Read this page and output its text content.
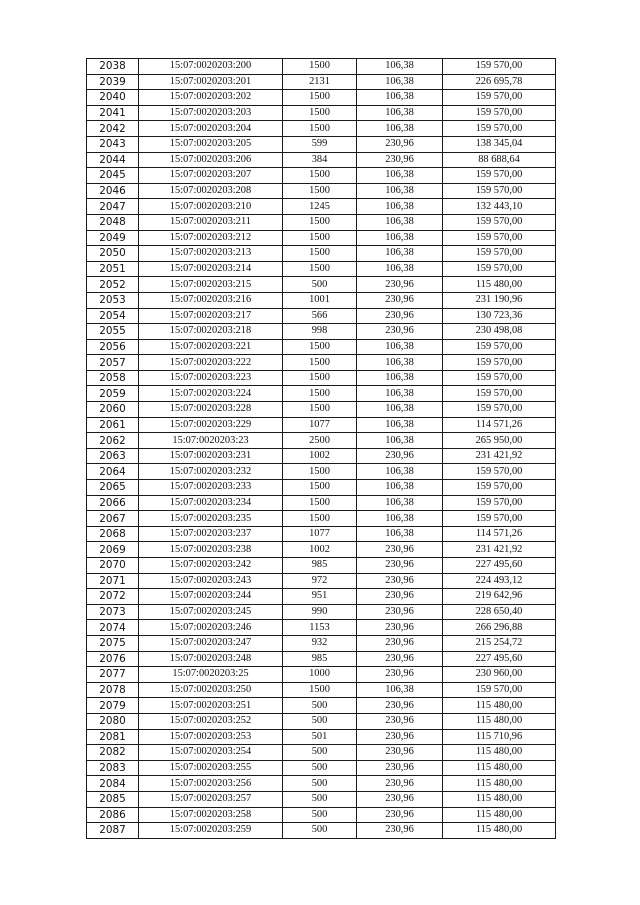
2038	15:07:0020203:200	1500	106,38	159 570,00
2039	15:07:0020203:201	2131	106,38	226 695,78
2040	15:07:0020203:202	1500	106,38	159 570,00
2041	15:07:0020203:203	1500	106,38	159 570,00
2042	15:07:0020203:204	1500	106,38	159 570,00
2043	15:07:0020203:205	599	230,96	138 345,04
2044	15:07:0020203:206	384	230,96	88 688,64
2045	15:07:0020203:207	1500	106,38	159 570,00
2046	15:07:0020203:208	1500	106,38	159 570,00
2047	15:07:0020203:210	1245	106,38	132 443,10
2048	15:07:0020203:211	1500	106,38	159 570,00
2049	15:07:0020203:212	1500	106,38	159 570,00
2050	15:07:0020203:213	1500	106,38	159 570,00
2051	15:07:0020203:214	1500	106,38	159 570,00
2052	15:07:0020203:215	500	230,96	115 480,00
2053	15:07:0020203:216	1001	230,96	231 190,96
2054	15:07:0020203:217	566	230,96	130 723,36
2055	15:07:0020203:218	998	230,96	230 498,08
2056	15:07:0020203:221	1500	106,38	159 570,00
2057	15:07:0020203:222	1500	106,38	159 570,00
2058	15:07:0020203:223	1500	106,38	159 570,00
2059	15:07:0020203:224	1500	106,38	159 570,00
2060	15:07:0020203:228	1500	106,38	159 570,00
2061	15:07:0020203:229	1077	106,38	114 571,26
2062	15:07:0020203:23	2500	106,38	265 950,00
2063	15:07:0020203:231	1002	230,96	231 421,92
2064	15:07:0020203:232	1500	106,38	159 570,00
2065	15:07:0020203:233	1500	106,38	159 570,00
2066	15:07:0020203:234	1500	106,38	159 570,00
2067	15:07:0020203:235	1500	106,38	159 570,00
2068	15:07:0020203:237	1077	106,38	114 571,26
2069	15:07:0020203:238	1002	230,96	231 421,92
2070	15:07:0020203:242	985	230,96	227 495,60
2071	15:07:0020203:243	972	230,96	224 493,12
2072	15:07:0020203:244	951	230,96	219 642,96
2073	15:07:0020203:245	990	230,96	228 650,40
2074	15:07:0020203:246	1153	230,96	266 296,88
2075	15:07:0020203:247	932	230,96	215 254,72
2076	15:07:0020203:248	985	230,96	227 495,60
2077	15:07:0020203:25	1000	230,96	230 960,00
2078	15:07:0020203:250	1500	106,38	159 570,00
2079	15:07:0020203:251	500	230,96	115 480,00
2080	15:07:0020203:252	500	230,96	115 480,00
2081	15:07:0020203:253	501	230,96	115 710,96
2082	15:07:0020203:254	500	230,96	115 480,00
2083	15:07:0020203:255	500	230,96	115 480,00
2084	15:07:0020203:256	500	230,96	115 480,00
2085	15:07:0020203:257	500	230,96	115 480,00
2086	15:07:0020203:258	500	230,96	115 480,00
2087	15:07:0020203:259	500	230,96	115 480,00
